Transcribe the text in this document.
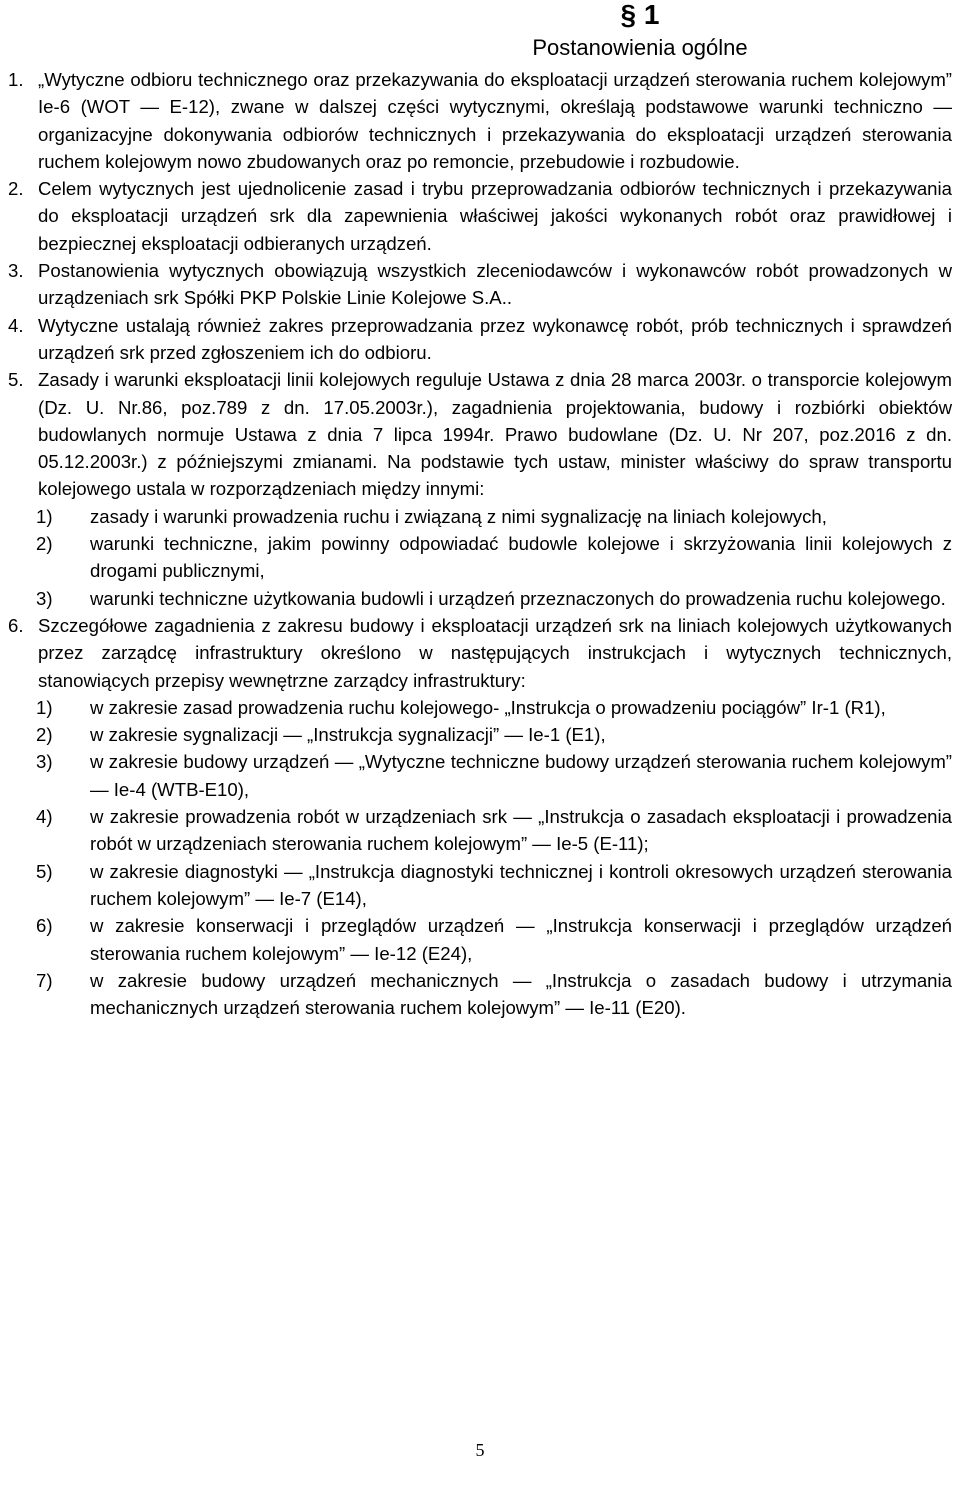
§ 1
Postanowienia ogólne
1. „Wytyczne odbioru technicznego oraz przekazywania do eksploatacji urządzeń sterowania ruchem kolejowym” Ie-6 (WOT — E-12), zwane w dalszej części wytycznymi, określają podstawowe warunki techniczno — organizacyjne dokonywania odbiorów technicznych i przekazywania do eksploatacji urządzeń sterowania ruchem kolejowym nowo zbudowanych oraz po remoncie, przebudowie i rozbudowie.
2. Celem wytycznych jest ujednolicenie zasad i trybu przeprowadzania odbiorów technicznych i przekazywania do eksploatacji urządzeń srk dla zapewnienia właściwej jakości wykonanych robót oraz prawidłowej i bezpiecznej eksploatacji odbieranych urządzeń.
3. Postanowienia wytycznych obowiązują wszystkich zleceniodawców i wykonawców robót prowadzonych w urządzeniach srk Spółki PKP Polskie Linie Kolejowe S.A..
4. Wytyczne ustalają również zakres przeprowadzania przez wykonawcę robót, prób technicznych i sprawdzeń urządzeń srk przed zgłoszeniem ich do odbioru.
5. Zasady i warunki eksploatacji linii kolejowych reguluje Ustawa z dnia 28 marca 2003r. o transporcie kolejowym (Dz. U. Nr.86, poz.789 z dn. 17.05.2003r.), zagadnienia projektowania, budowy i rozbiórki obiektów budowlanych normuje Ustawa z dnia 7 lipca 1994r. Prawo budowlane (Dz. U. Nr 207, poz.2016 z dn. 05.12.2003r.) z późniejszymi zmianami. Na podstawie tych ustaw, minister właściwy do spraw transportu kolejowego ustala w rozporządzeniach między innymi:
1)	zasady i warunki prowadzenia ruchu i związaną z nimi sygnalizację na liniach kolejowych,
2)	warunki techniczne, jakim powinny odpowiadać budowle kolejowe i skrzyżowania linii kolejowych z drogami publicznymi,
3)	warunki techniczne użytkowania budowli i urządzeń przeznaczonych do prowadzenia ruchu kolejowego.
6. Szczegółowe zagadnienia z zakresu budowy i eksploatacji urządzeń srk na liniach kolejowych użytkowanych przez zarządcę infrastruktury określono w następujących instrukcjach i wytycznych technicznych, stanowiących przepisy wewnętrzne zarządcy infrastruktury:
1)	w zakresie zasad prowadzenia ruchu kolejowego- „Instrukcja o prowadzeniu pociągów” Ir-1 (R1),
2)	w zakresie sygnalizacji — „Instrukcja sygnalizacji” — Ie-1 (E1),
3)	w zakresie budowy urządzeń — „Wytyczne techniczne budowy urządzeń sterowania ruchem kolejowym” — Ie-4 (WTB-E10),
4)	w zakresie prowadzenia robót w urządzeniach srk — „Instrukcja o zasadach eksploatacji i prowadzenia robót w urządzeniach sterowania ruchem kolejowym” — Ie-5 (E-11);
5)	w zakresie diagnostyki — „Instrukcja diagnostyki technicznej i kontroli okresowych urządzeń sterowania ruchem kolejowym” — Ie-7 (E14),
6)	w zakresie konserwacji i przeglądów urządzeń — „Instrukcja konserwacji i przeglądów urządzeń sterowania ruchem kolejowym” — Ie-12 (E24),
7)	w zakresie budowy urządzeń mechanicznych — „Instrukcja o zasadach budowy i utrzymania mechanicznych urządzeń sterowania ruchem kolejowym” — Ie-11 (E20).
5
